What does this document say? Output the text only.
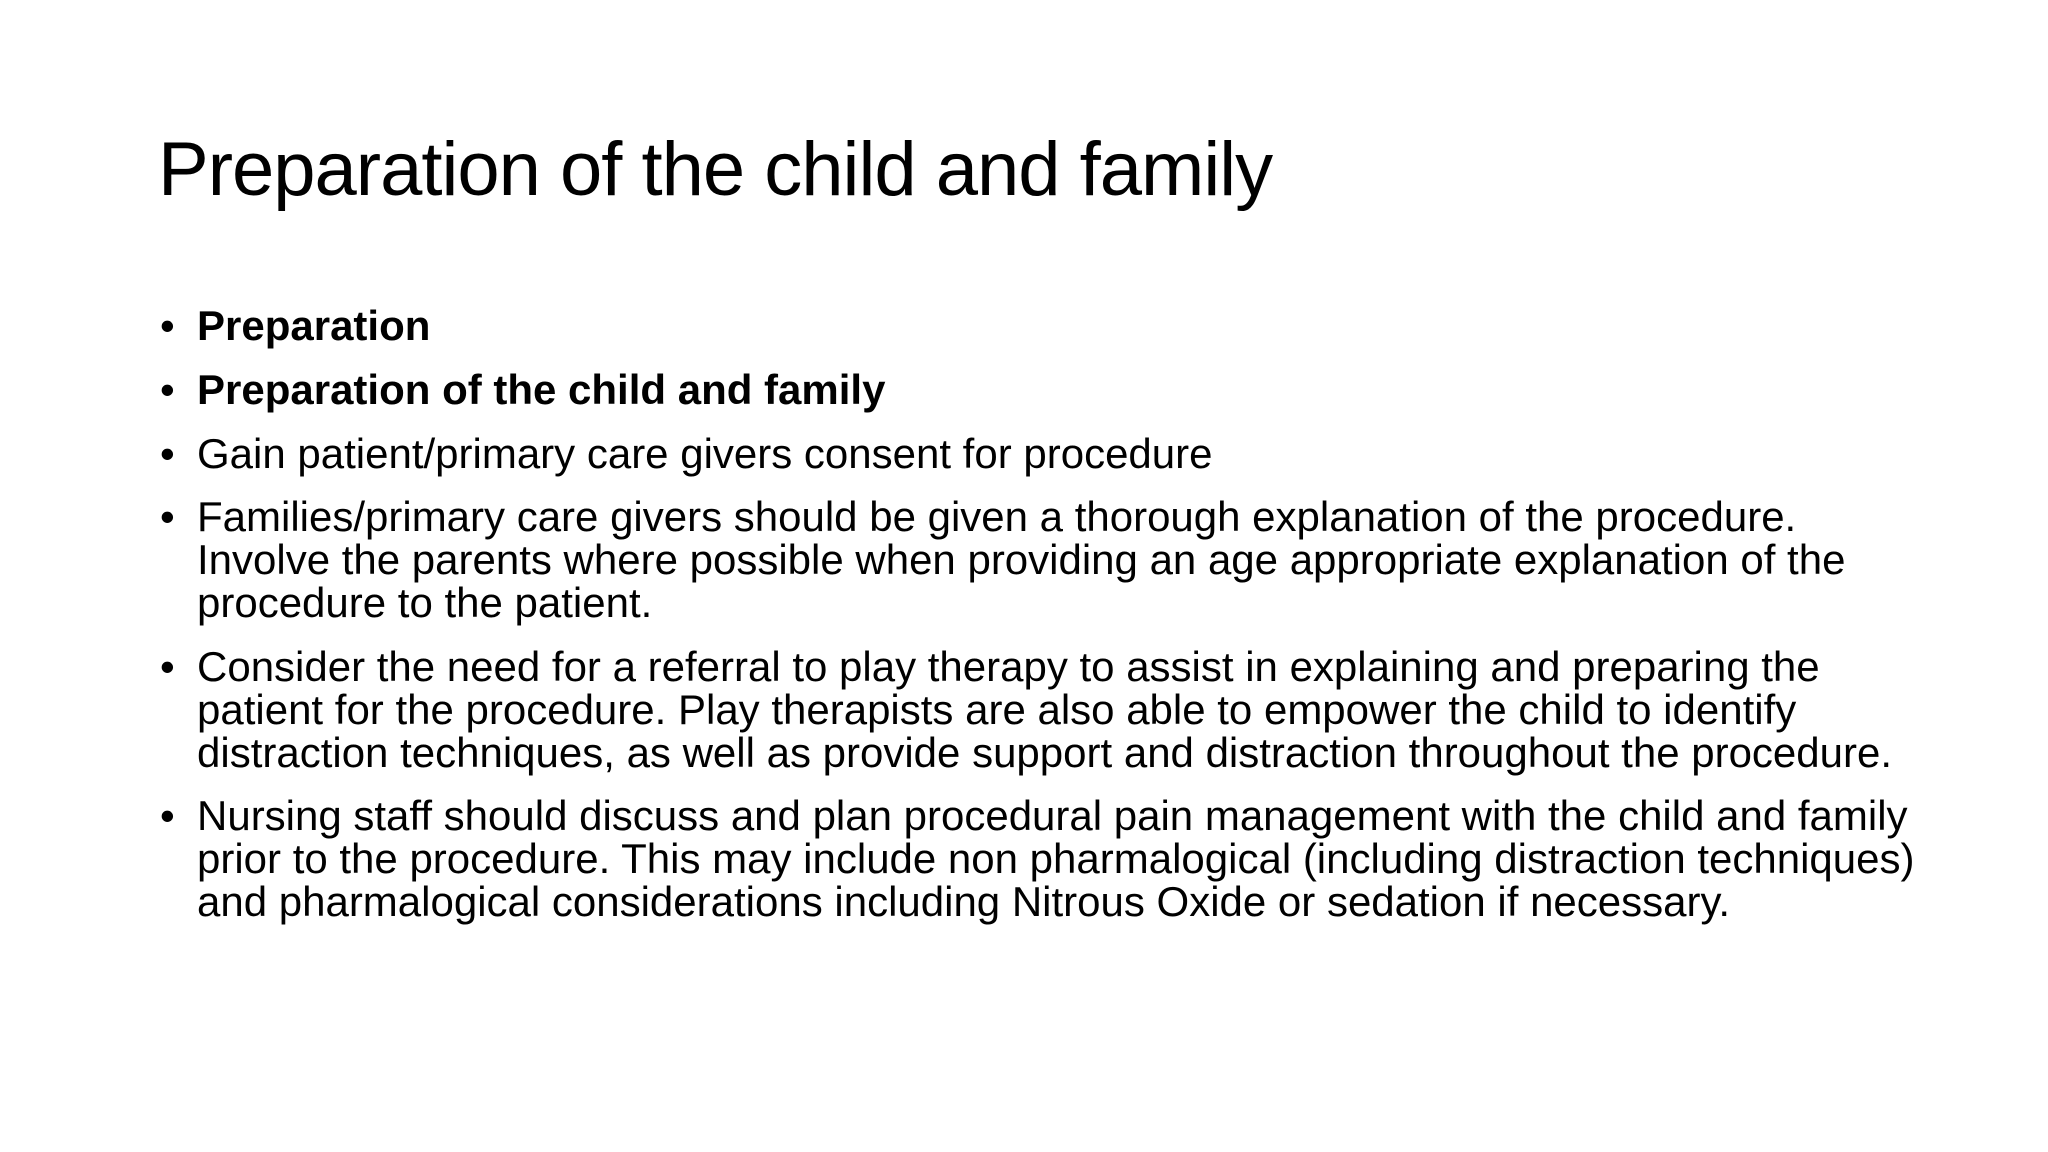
Preparation of the child and family
• Preparation
• Preparation of the child and family
• Gain patient/primary care givers consent for procedure
• Families/primary care givers should be given a thorough explanation of the procedure. Involve the parents where possible when providing an age appropriate explanation of the procedure to the patient.
• Consider the need for a referral to play therapy to assist in explaining and preparing the patient for the procedure. Play therapists are also able to empower the child to identify distraction techniques, as well as provide support and distraction throughout the procedure.
• Nursing staff should discuss and plan procedural pain management with the child and family prior to the procedure. This may include non pharmalogical (including distraction techniques) and pharmalogical considerations including Nitrous Oxide or sedation if necessary.
